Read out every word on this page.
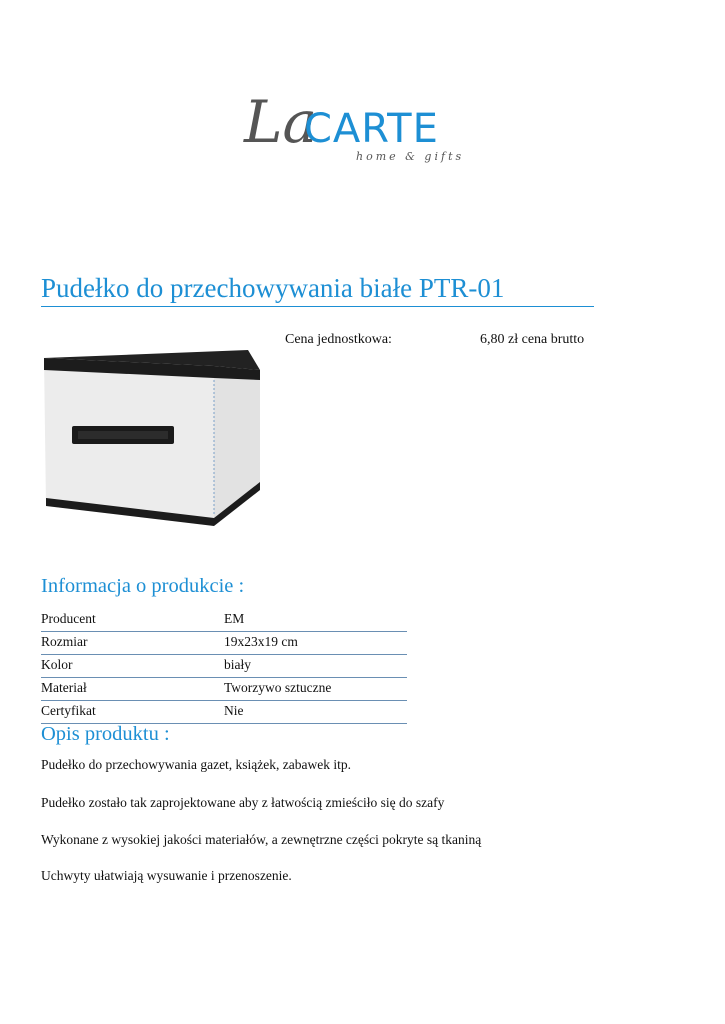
La
CARTE
home & gifts
Pudełko do przechowywania białe PTR-01
Cena jednostkowa:	6,80 zł cena brutto
Informacja o produkcie :
Producent	EM
Rozmiar	19x23x19 cm
Kolor	biały
Materiał	Tworzywo sztuczne
Certyfikat	Nie
Opis produktu :
Pudełko do przechowywania gazet, książek, zabawek itp.
Pudełko zostało tak zaprojektowane aby z łatwością zmieściło się do szafy
Wykonane z wysokiej jakości materiałów, a zewnętrzne części pokryte są tkaniną
Uchwyty ułatwiają wysuwanie i przenoszenie.
